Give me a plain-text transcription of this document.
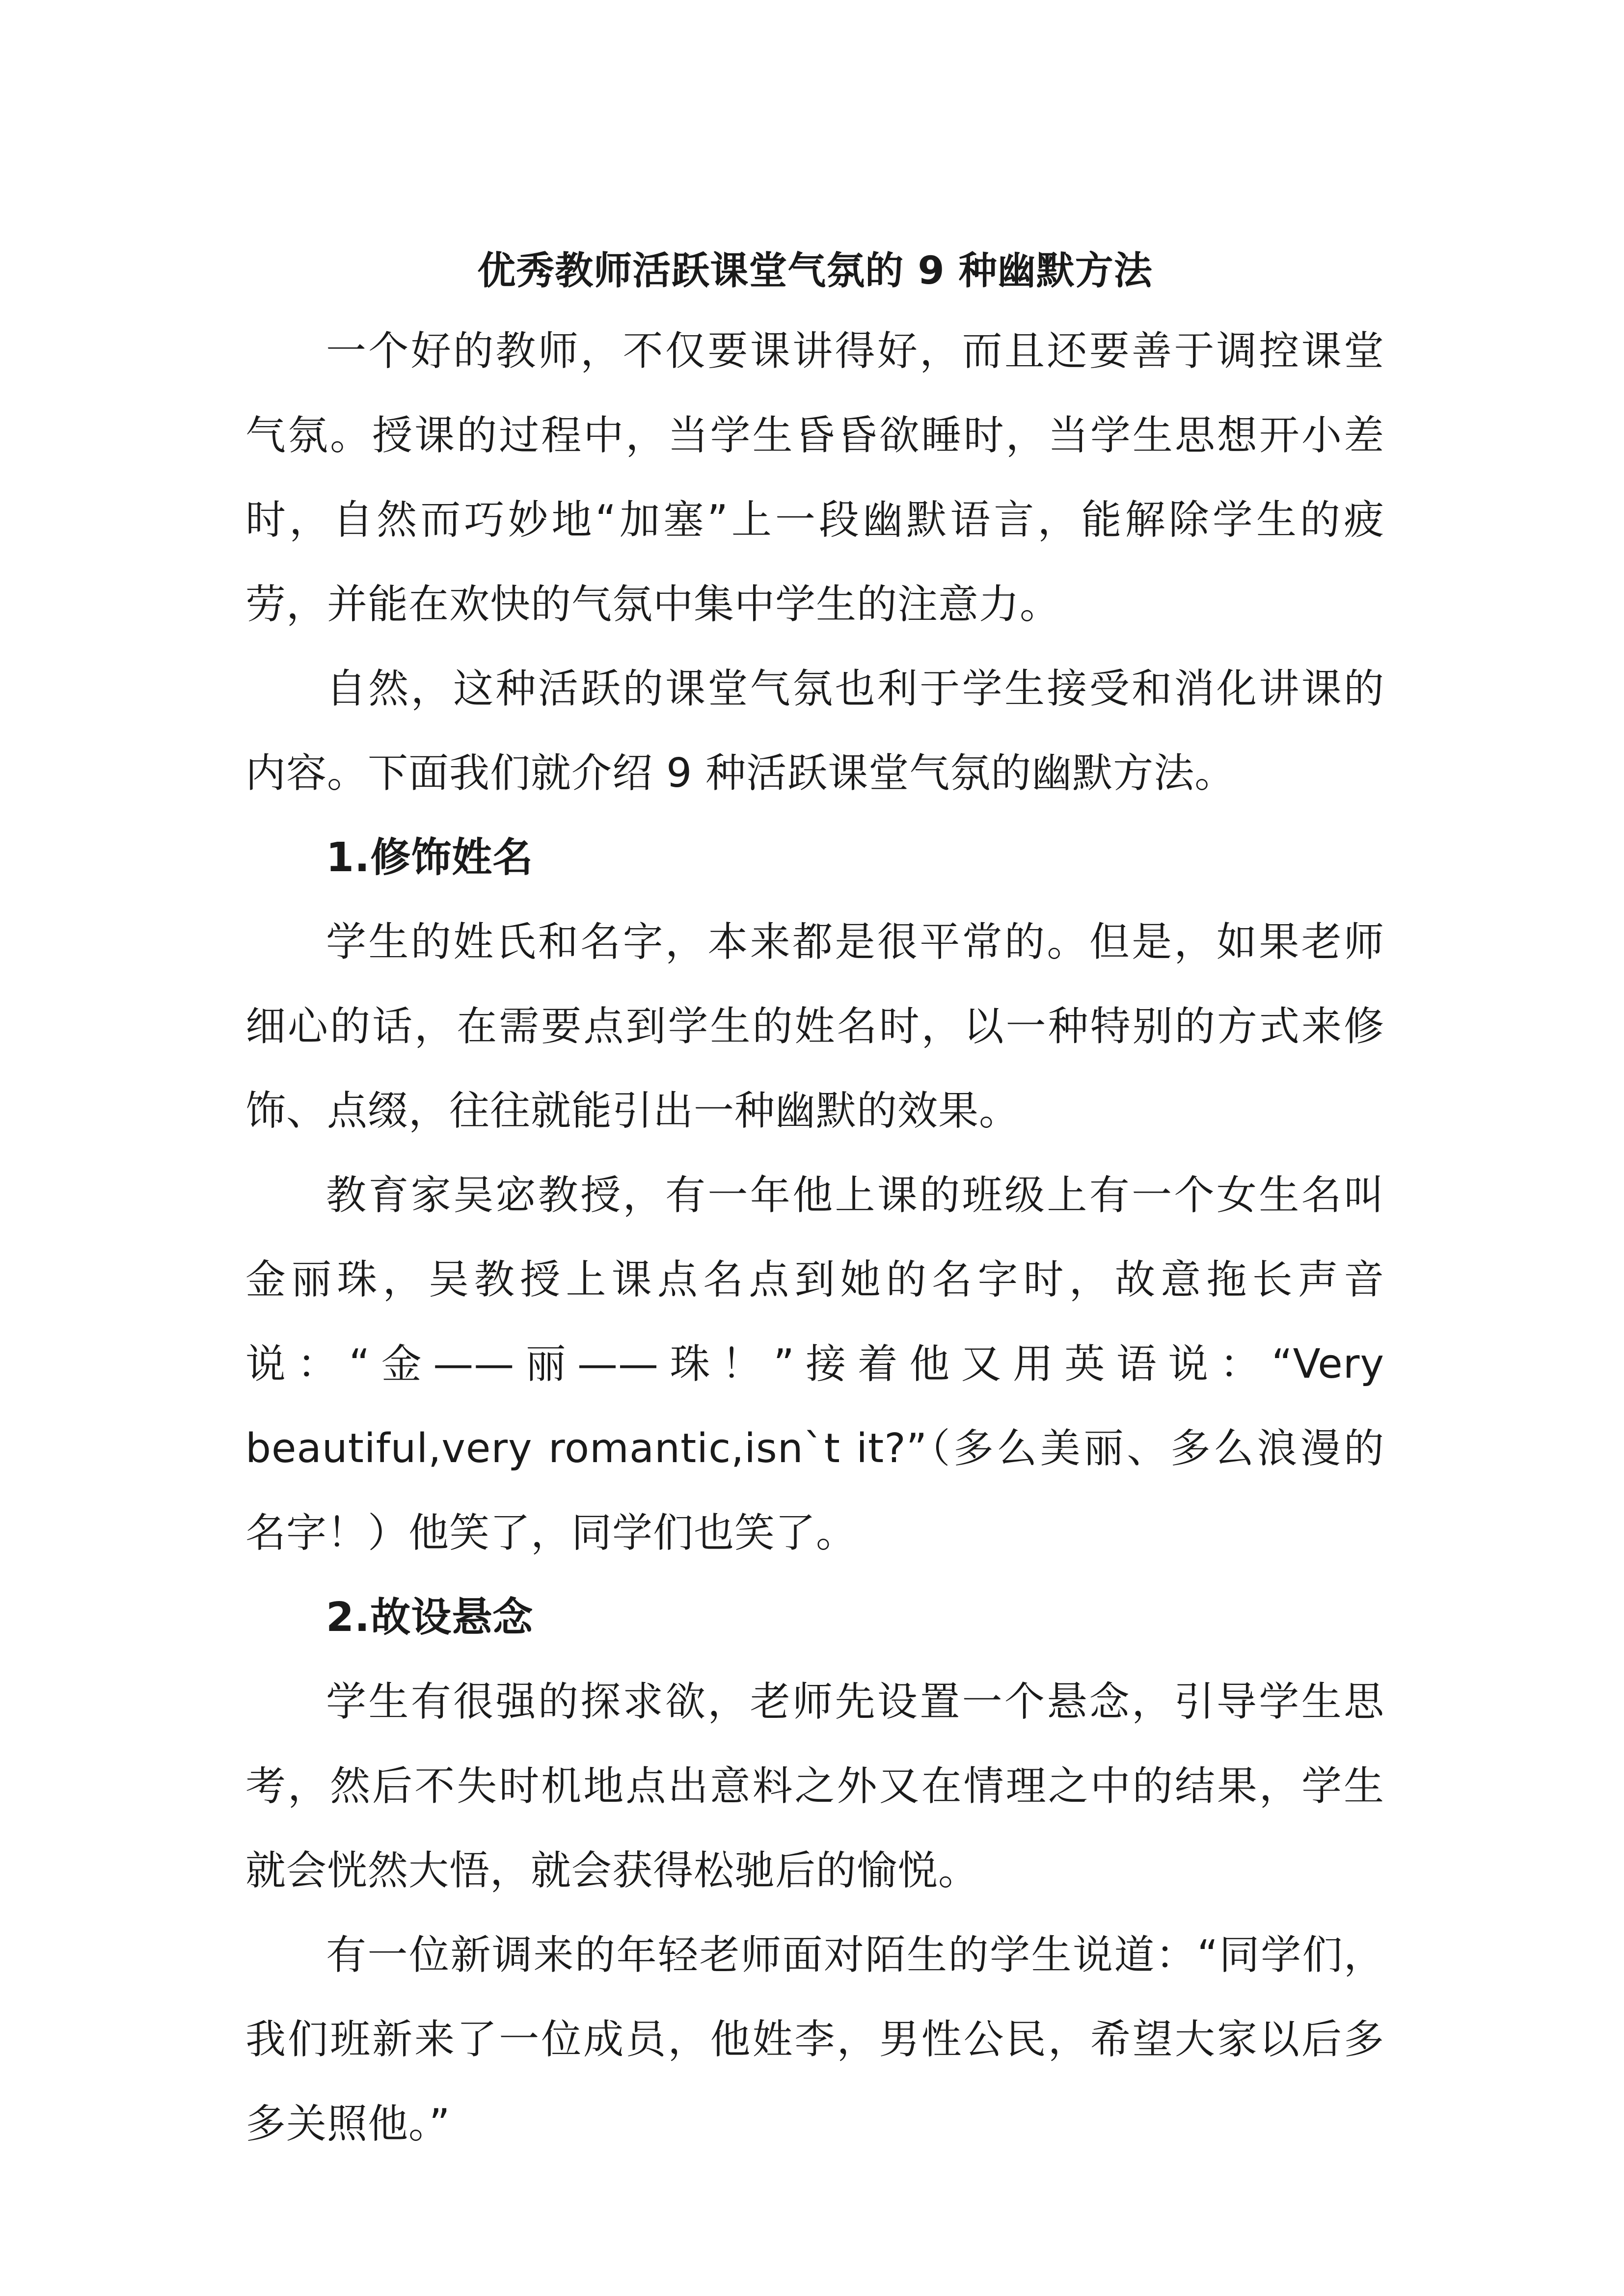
优秀教师活跃课堂气氛的 9 种幽默方法

一个好的教师，不仅要课讲得好，而且还要善于调控课堂气氛。授课的过程中，当学生昏昏欲睡时，当学生思想开小差时，自然而巧妙地“加塞”上一段幽默语言，能解除学生的疲劳，并能在欢快的气氛中集中学生的注意力。

自然，这种活跃的课堂气氛也利于学生接受和消化讲课的内容。下面我们就介绍 9 种活跃课堂气氛的幽默方法。

1.修饰姓名

学生的姓氏和名字，本来都是很平常的。但是，如果老师细心的话，在需要点到学生的姓名时，以一种特别的方式来修饰、点缀，往往就能引出一种幽默的效果。

教育家吴宓教授，有一年他上课的班级上有一个女生名叫金丽珠，吴教授上课点名点到她的名字时，故意拖长声音说：“金——丽——珠！”接着他又用英语说：“Very beautiful,very romantic,isn`t it?”（多么美丽、多么浪漫的名字！）他笑了，同学们也笑了。

2.故设悬念

学生有很强的探求欲，老师先设置一个悬念，引导学生思考，然后不失时机地点出意料之外又在情理之中的结果，学生就会恍然大悟，就会获得松驰后的愉悦。

有一位新调来的年轻老师面对陌生的学生说道：“同学们，我们班新来了一位成员，他姓李，男性公民，希望大家以后多多关照他。”
